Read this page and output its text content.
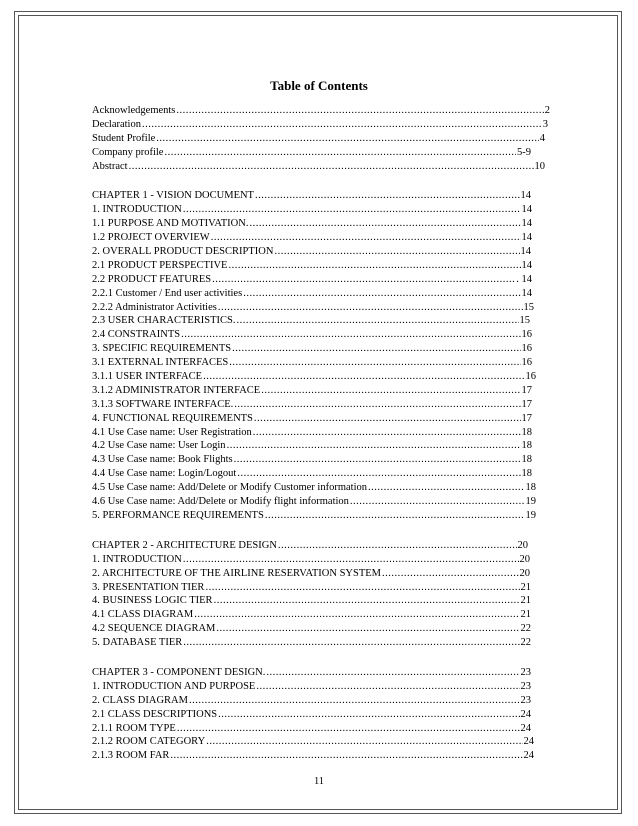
Table of Contents
Acknowledgements .....	2
Declaration .....	3
Student Profile .....	4
Company profile .....	5-9
Abstract .....	10
CHAPTER 1 - VISION DOCUMENT .....	14
1. INTRODUCTION .....	14
1.1 PURPOSE AND MOTIVATION. .....	14
1.2 PROJECT OVERVIEW .....	14
2. OVERALL PRODUCT DESCRIPTION .....	14
2.1 PRODUCT PERSPECTIVE .....	14
2.2 PRODUCT FEATURES .....	. 14
2.2.1 Customer / End user activities .....	14
2.2.2 Administrator Activities .....	15
2.3 USER CHARACTERISTICS. .....	15
2.4 CONSTRAINTS .....	16
3. SPECIFIC REQUIREMENTS .....	16
3.1 EXTERNAL INTERFACES .....	16
3.1.1 USER INTERFACE .....	16
3.1.2 ADMINISTRATOR INTERFACE .....	17
3.1.3 SOFTWARE INTERFACE. .....	17
4. FUNCTIONAL REQUIREMENTS .....	17
4.1 Use Case name: User Registration .....	18
4.2 Use Case name: User Login .....	18
4.3 Use Case name: Book Flights .....	18
4.4 Use Case name: Login/Logout .....	18
4.5 Use Case name: Add/Delete or Modify Customer information .....	18
4.6 Use Case name: Add/Delete or Modify flight information .....	19
5. PERFORMANCE REQUIREMENTS .....	19
CHAPTER 2 - ARCHITECTURE DESIGN .....	20
1. INTRODUCTION .....	20
2. ARCHITECTURE OF THE AIRLINE RESERVATION SYSTEM .....	20
3. PRESENTATION TIER .....	21
4. BUSINESS LOGIC TIER .....	21
4.1 CLASS DIAGRAM .....	21
4.2 SEQUENCE DIAGRAM .....	22
5. DATABASE TIER .....	22
CHAPTER 3 - COMPONENT DESIGN. .....	23
1. INTRODUCTION AND PURPOSE .....	23
2. CLASS DIAGRAM .....	23
2.1 CLASS DESCRIPTIONS .....	24
2.1.1 ROOM TYPE .....	24
2.1.2 ROOM CATEGORY .....	24
2.1.3 ROOM FAR .....	24
11
